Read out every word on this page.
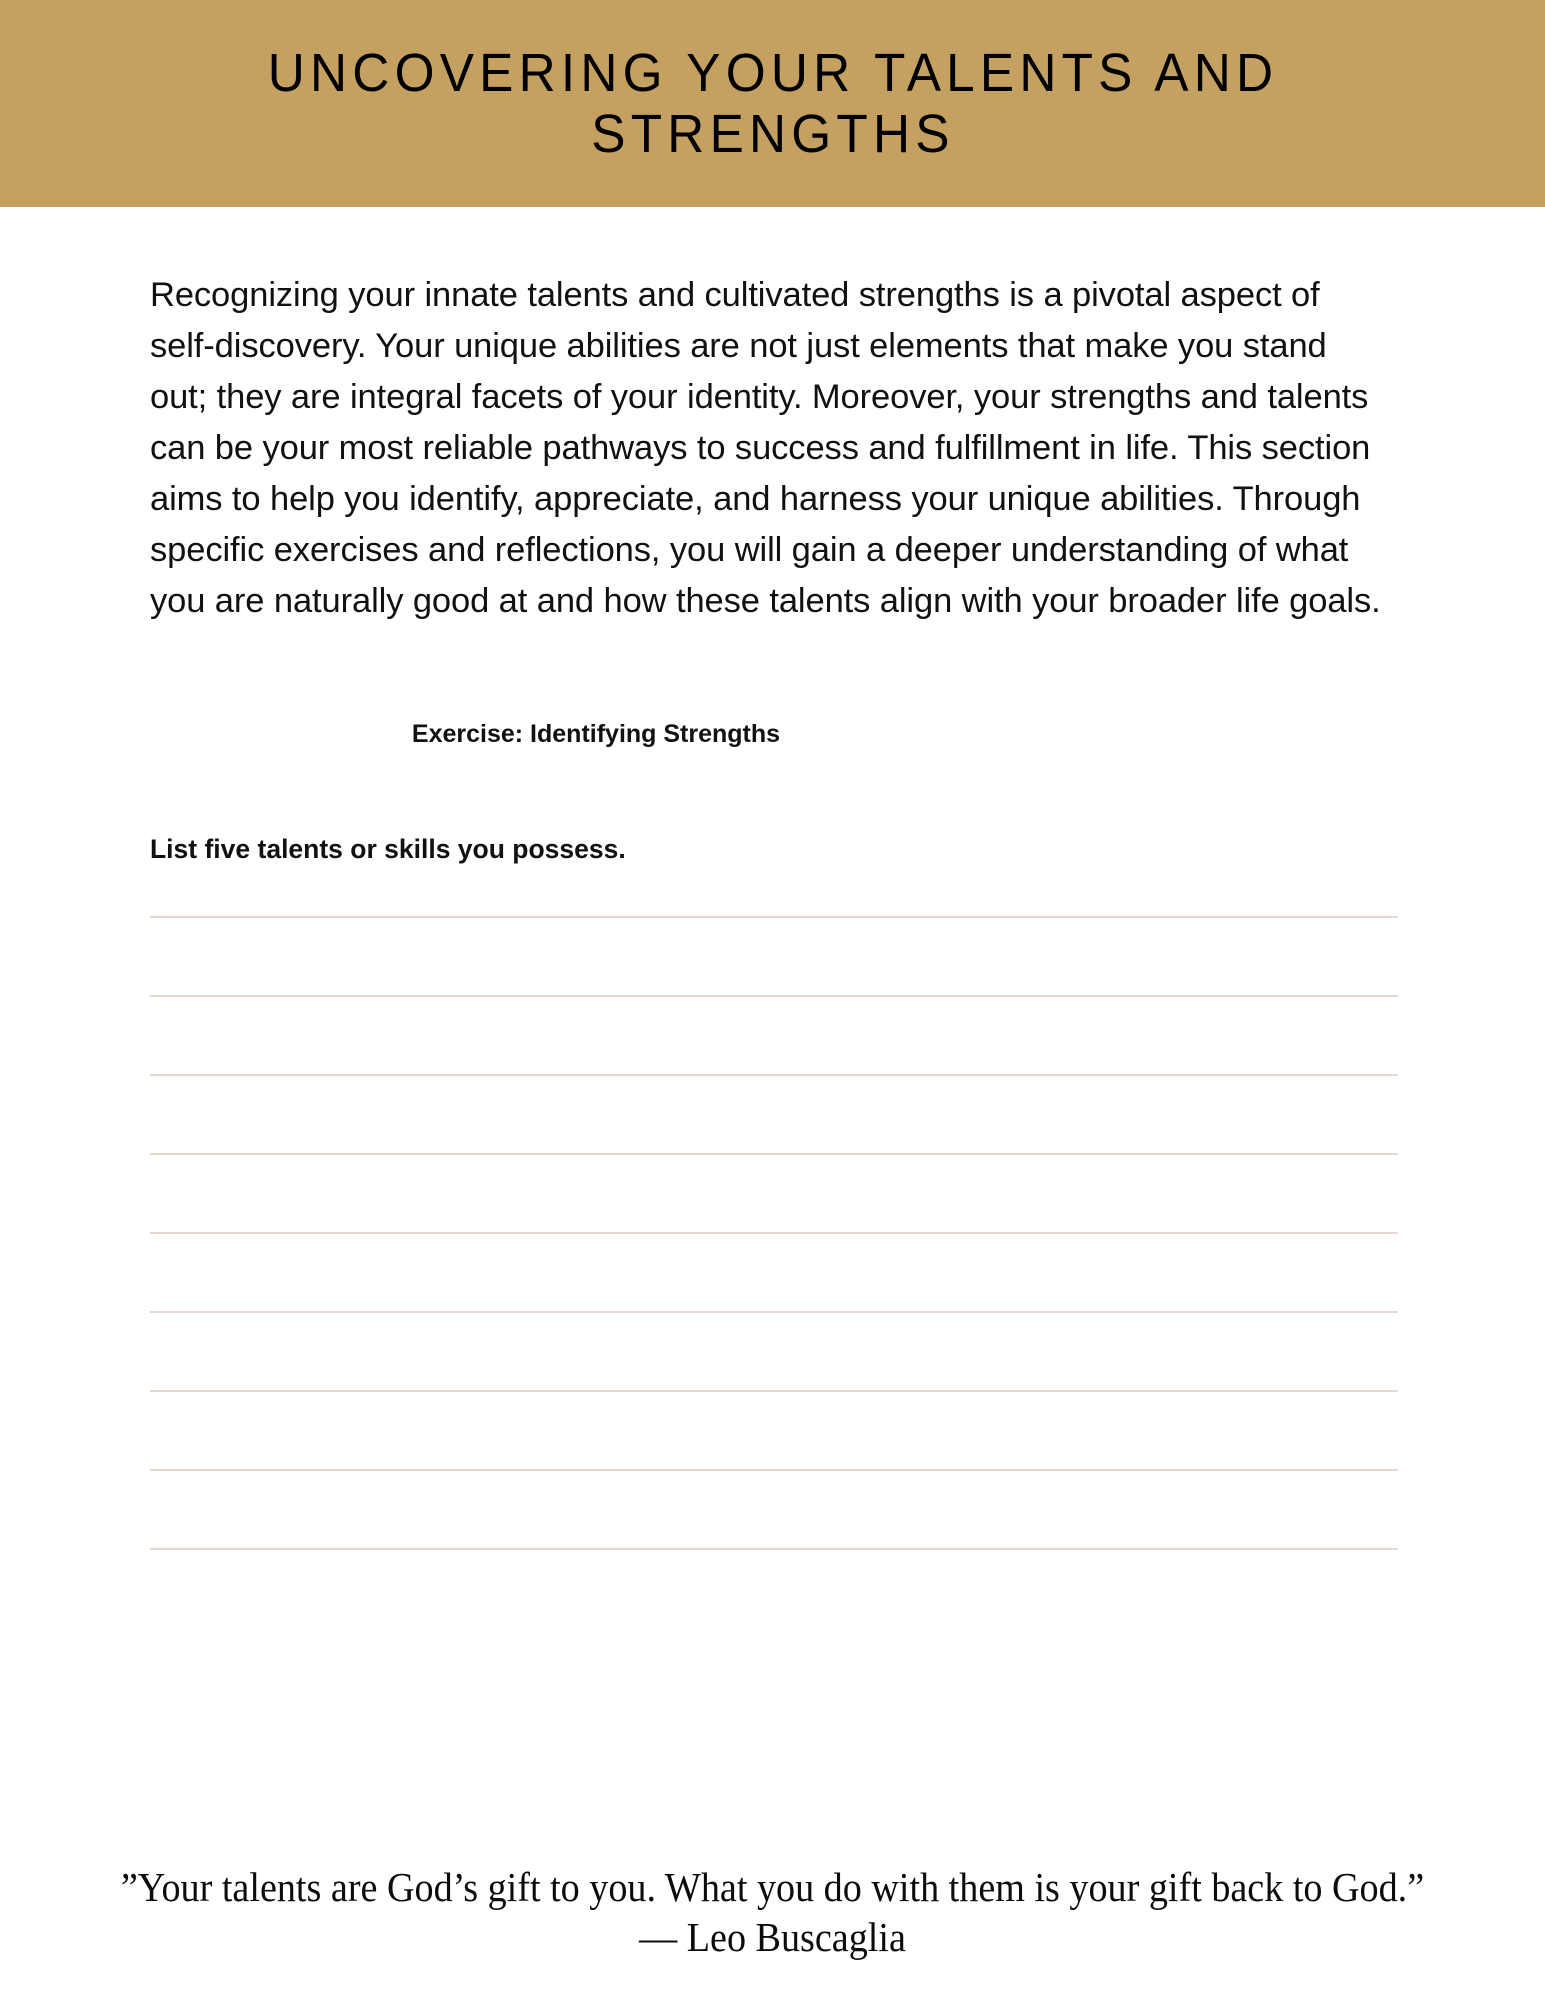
UNCOVERING YOUR TALENTS AND STRENGTHS

Recognizing your innate talents and cultivated strengths is a pivotal aspect of self-discovery. Your unique abilities are not just elements that make you stand out; they are integral facets of your identity. Moreover, your strengths and talents can be your most reliable pathways to success and fulfillment in life. This section aims to help you identify, appreciate, and harness your unique abilities. Through specific exercises and reflections, you will gain a deeper understanding of what you are naturally good at and how these talents align with your broader life goals.

Exercise: Identifying Strengths

List five talents or skills you possess.

”Your talents are God’s gift to you. What you do with them is your gift back to God.” — Leo Buscaglia
